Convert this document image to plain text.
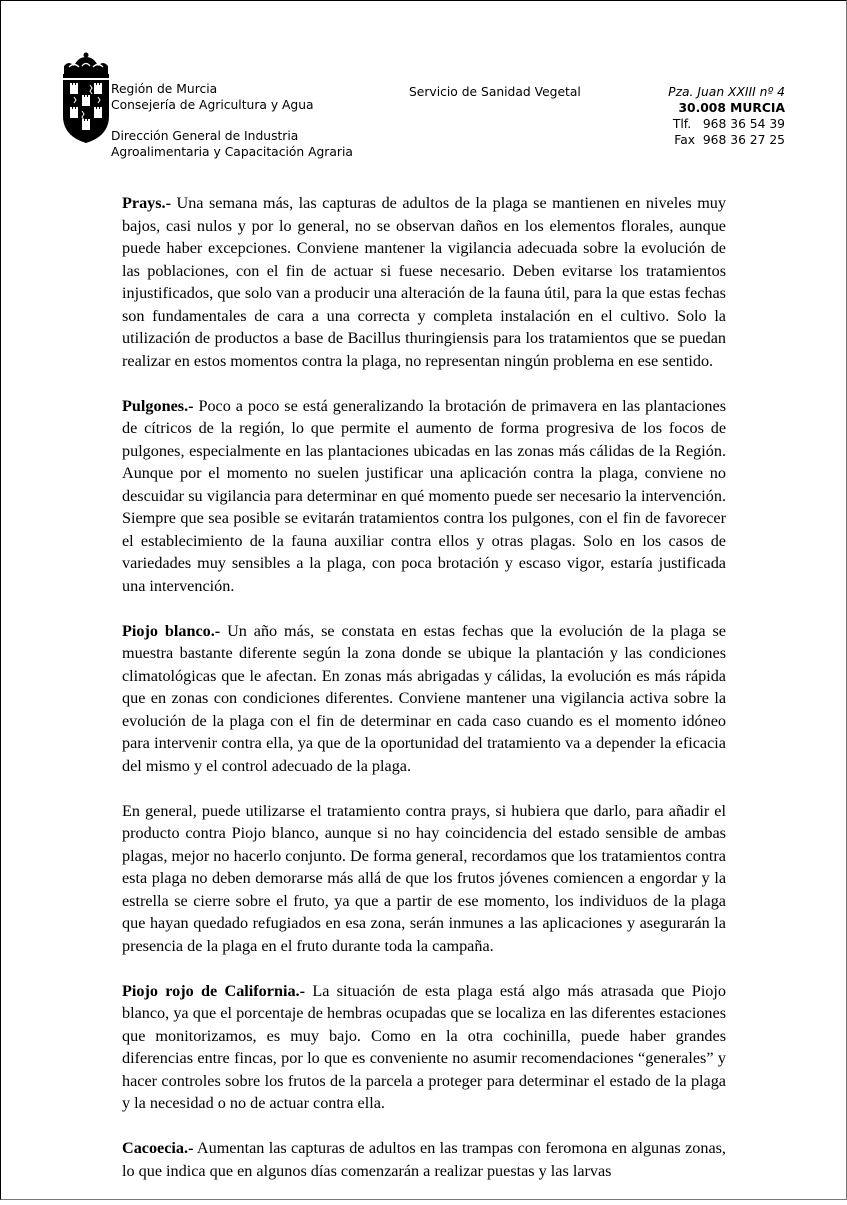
Región de Murcia
Consejería de Agricultura y Agua
Dirección General de Industria
Agroalimentaria y Capacitación Agraria
Servicio de Sanidad Vegetal	Pza. Juan XXIII nº 4
30.008 MURCIA
Tlf. 968 36 54 39
Fax 968 36 27 25

Prays.- Una semana más, las capturas de adultos de la plaga se mantienen en niveles muy bajos, casi nulos y por lo general, no se observan daños en los elementos florales, aunque puede haber excepciones. Conviene mantener la vigilancia adecuada sobre la evolución de las poblaciones, con el fin de actuar si fuese necesario. Deben evitarse los tratamientos injustificados, que solo van a producir una alteración de la fauna útil, para la que estas fechas son fundamentales de cara a una correcta y completa instalación en el cultivo. Solo la utilización de productos a base de Bacillus thuringiensis para los tratamientos que se puedan realizar en estos momentos contra la plaga, no representan ningún problema en ese sentido.

Pulgones.- Poco a poco se está generalizando la brotación de primavera en las plantaciones de cítricos de la región, lo que permite el aumento de forma progresiva de los focos de pulgones, especialmente en las plantaciones ubicadas en las zonas más cálidas de la Región. Aunque por el momento no suelen justificar una aplicación contra la plaga, conviene no descuidar su vigilancia para determinar en qué momento puede ser necesario la intervención. Siempre que sea posible se evitarán tratamientos contra los pulgones, con el fin de favorecer el establecimiento de la fauna auxiliar contra ellos y otras plagas. Solo en los casos de variedades muy sensibles a la plaga, con poca brotación y escaso vigor, estaría justificada una intervención.

Piojo blanco.- Un año más, se constata en estas fechas que la evolución de la plaga se muestra bastante diferente según la zona donde se ubique la plantación y las condiciones climatológicas que le afectan. En zonas más abrigadas y cálidas, la evolución es más rápida que en zonas con condiciones diferentes. Conviene mantener una vigilancia activa sobre la evolución de la plaga con el fin de determinar en cada caso cuando es el momento idóneo para intervenir contra ella, ya que de la oportunidad del tratamiento va a depender la eficacia del mismo y el control adecuado de la plaga.

En general, puede utilizarse el tratamiento contra prays, si hubiera que darlo, para añadir el producto contra Piojo blanco, aunque si no hay coincidencia del estado sensible de ambas plagas, mejor no hacerlo conjunto. De forma general, recordamos que los tratamientos contra esta plaga no deben demorarse más allá de que los frutos jóvenes comiencen a engordar y la estrella se cierre sobre el fruto, ya que a partir de ese momento, los individuos de la plaga que hayan quedado refugiados en esa zona, serán inmunes a las aplicaciones y asegurarán la presencia de la plaga en el fruto durante toda la campaña.

Piojo rojo de California.- La situación de esta plaga está algo más atrasada que Piojo blanco, ya que el porcentaje de hembras ocupadas que se localiza en las diferentes estaciones que monitorizamos, es muy bajo. Como en la otra cochinilla, puede haber grandes diferencias entre fincas, por lo que es conveniente no asumir recomendaciones “generales” y hacer controles sobre los frutos de la parcela a proteger para determinar el estado de la plaga y la necesidad o no de actuar contra ella.

Cacoecia.- Aumentan las capturas de adultos en las trampas con feromona en algunas zonas, lo que indica que en algunos días comenzarán a realizar puestas y las larvas
